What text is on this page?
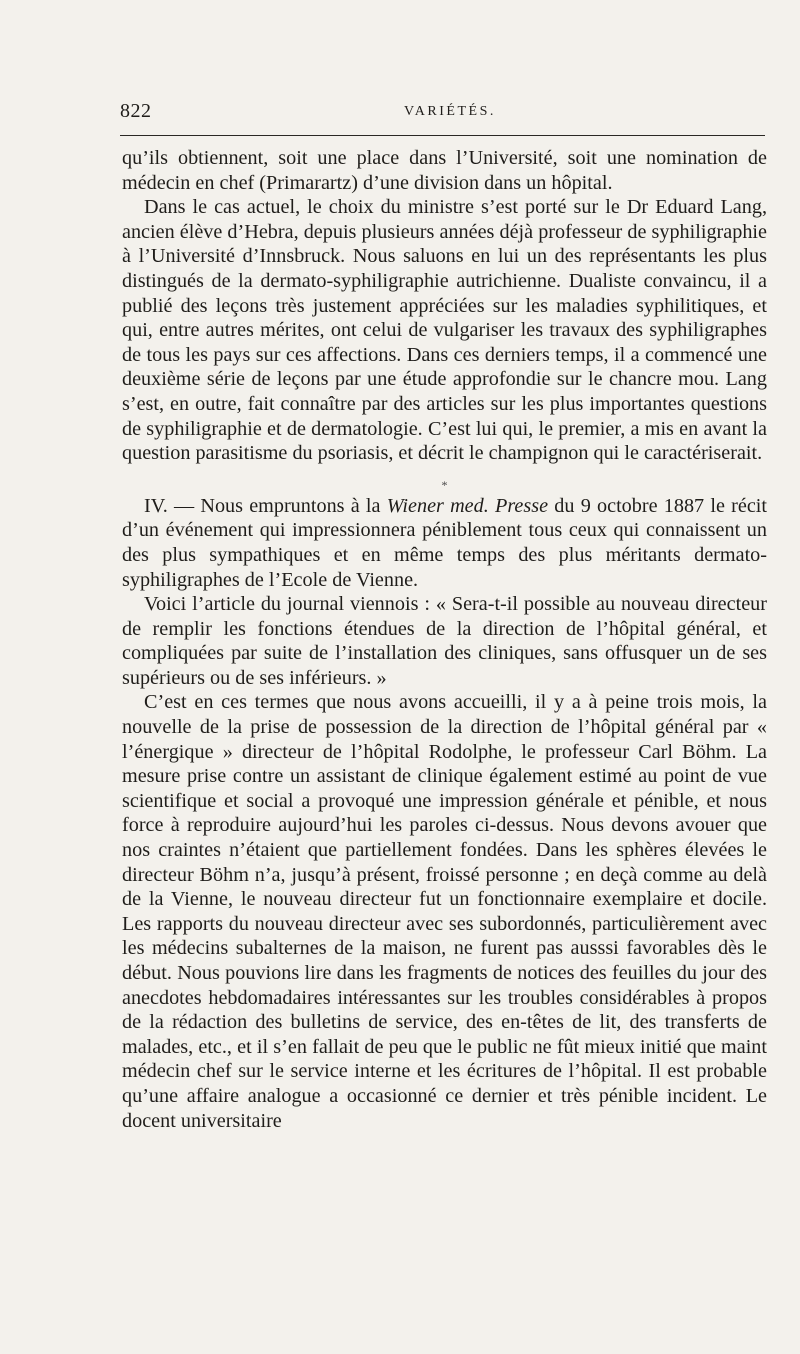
822	VARIÉTÉS.

qu’ils obtiennent, soit une place dans l’Université, soit une nomination de médecin en chef (Primarartz) d’une division dans un hôpital.

Dans le cas actuel, le choix du ministre s’est porté sur le Dr Eduard Lang, ancien élève d’Hebra, depuis plusieurs années déjà professeur de syphiligraphie à l’Université d’Innsbruck. Nous saluons en lui un des représentants les plus distingués de la dermato-syphiligraphie autrichienne. Dualiste convaincu, il a publié des leçons très justement appréciées sur les maladies syphilitiques, et qui, entre autres mérites, ont celui de vulgariser les travaux des syphiligraphes de tous les pays sur ces affections. Dans ces derniers temps, il a commencé une deuxième série de leçons par une étude approfondie sur le chancre mou. Lang s’est, en outre, fait connaître par des articles sur les plus importantes questions de syphiligraphie et de dermatologie. C’est lui qui, le premier, a mis en avant la question parasitisme du psoriasis, et décrit le champignon qui le caractériserait.

*

IV. — Nous empruntons à la Wiener med. Presse du 9 octobre 1887 le récit d’un événement qui impressionnera péniblement tous ceux qui connaissent un des plus sympathiques et en même temps des plus méritants dermato-syphiligraphes de l’Ecole de Vienne.

Voici l’article du journal viennois : « Sera-t-il possible au nouveau directeur de remplir les fonctions étendues de la direction de l’hôpital général, et compliquées par suite de l’installation des cliniques, sans offusquer un de ses supérieurs ou de ses inférieurs. »

C’est en ces termes que nous avons accueilli, il y a à peine trois mois, la nouvelle de la prise de possession de la direction de l’hôpital général par « l’énergique » directeur de l’hôpital Rodolphe, le professeur Carl Böhm. La mesure prise contre un assistant de clinique également estimé au point de vue scientifique et social a provoqué une impression générale et pénible, et nous force à reproduire aujourd’hui les paroles ci-dessus. Nous devons avouer que nos craintes n’étaient que partiellement fondées. Dans les sphères élevées le directeur Böhm n’a, jusqu’à présent, froissé personne ; en deçà comme au delà de la Vienne, le nouveau directeur fut un fonctionnaire exemplaire et docile. Les rapports du nouveau directeur avec ses subordonnés, particulièrement avec les médecins subalternes de la maison, ne furent pas ausssi favorables dès le début. Nous pouvions lire dans les fragments de notices des feuilles du jour des anecdotes hebdomadaires intéressantes sur les troubles considérables à propos de la rédaction des bulletins de service, des en-têtes de lit, des transferts de malades, etc., et il s’en fallait de peu que le public ne fût mieux initié que maint médecin chef sur le service interne et les écritures de l’hôpital. Il est probable qu’une affaire analogue a occasionné ce dernier et très pénible incident. Le docent universitaire
